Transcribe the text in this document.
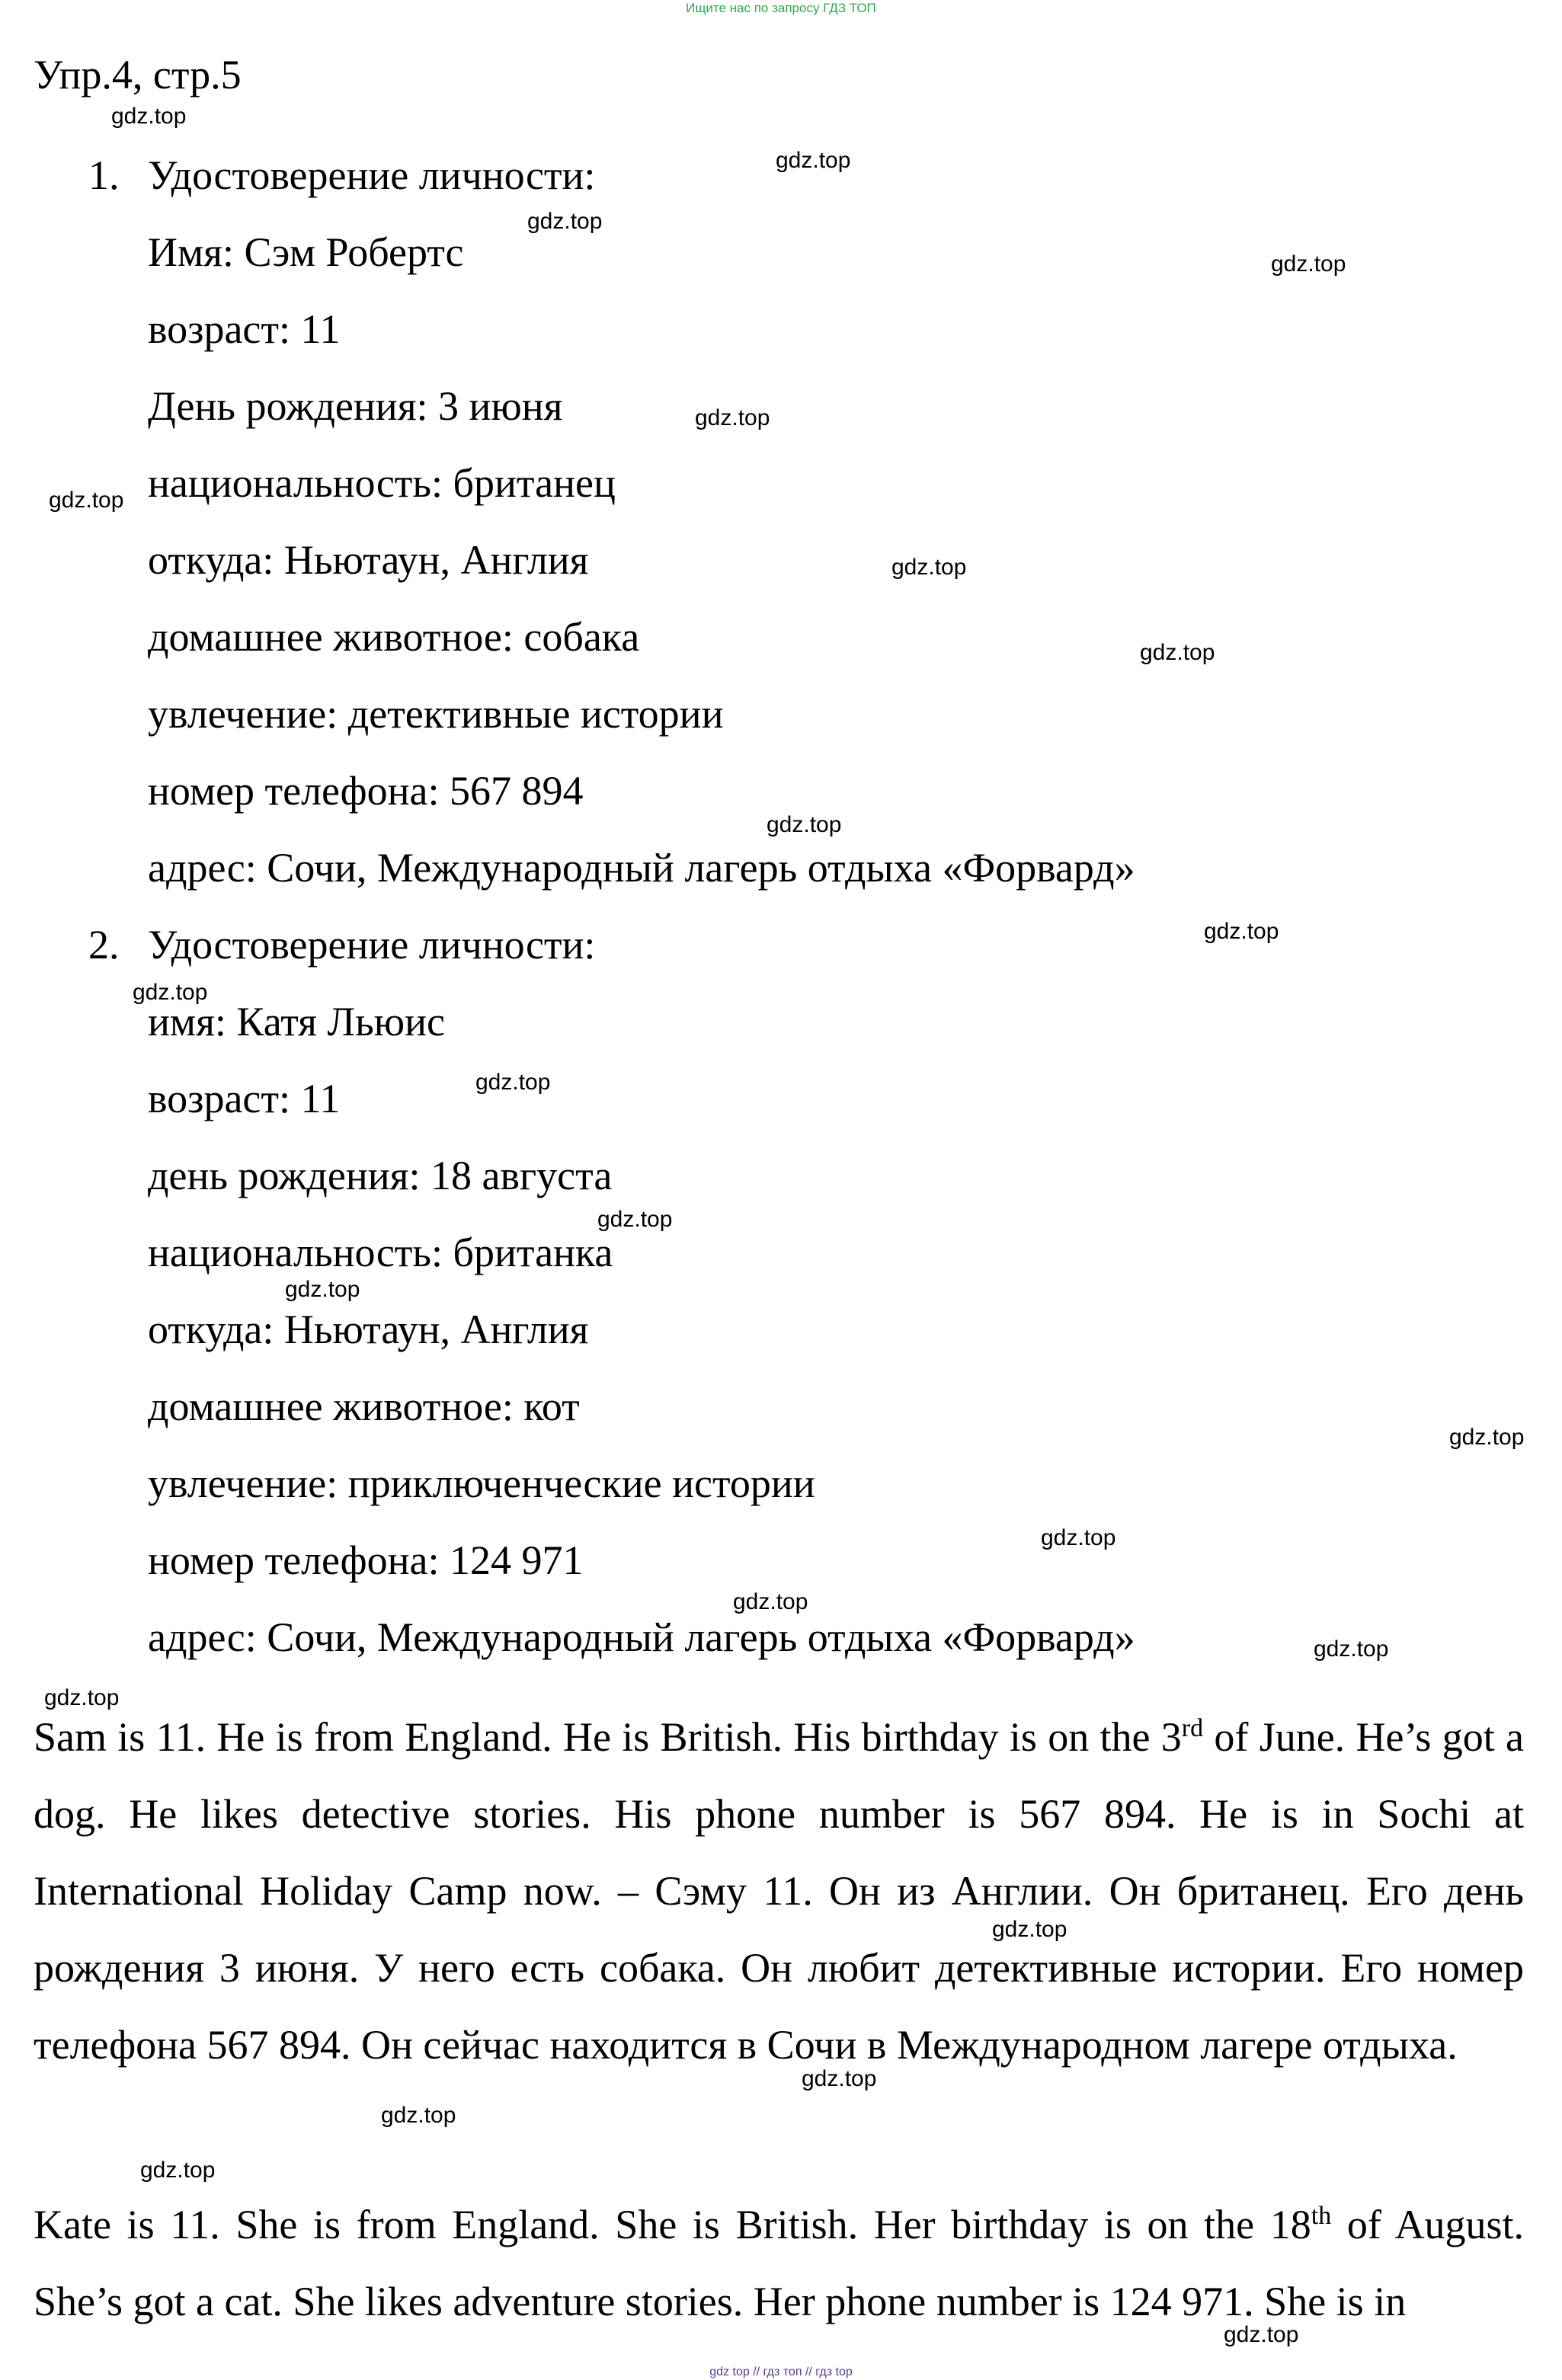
Ищите нас по запросу ГДЗ ТОП
Упр.4, стр.5
1. Удостоверение личности:
Имя: Сэм Робертс
возраст: 11
День рождения: 3 июня
национальность: британец
откуда: Ньютаун, Англия
домашнее животное: собака
увлечение: детективные истории
номер телефона: 567 894
адрес: Сочи, Международный лагерь отдыха «Форвард»
2. Удостоверение личности:
имя: Катя Льюис
возраст: 11
день рождения: 18 августа
национальность: британка
откуда: Ньютаун, Англия
домашнее животное: кот
увлечение: приключенческие истории
номер телефона: 124 971
адрес: Сочи, Международный лагерь отдыха «Форвард»
Sam is 11. He is from England. He is British. His birthday is on the 3rd of June. He’s got a dog. He likes detective stories. His phone number is 567 894. He is in Sochi at International Holiday Camp now. – Сэму 11. Он из Англии. Он британец. Его день рождения 3 июня. У него есть собака. Он любит детективные истории. Его номер телефона 567 894. Он сейчас находится в Сочи в Международном лагере отдыха.
Kate is 11. She is from England. She is British. Her birthday is on the 18th of August. She’s got a cat. She likes adventure stories. Her phone number is 124 971. She is in
gdz.top
gdz.top
gdz.top
gdz.top
gdz.top
gdz.top
gdz.top
gdz.top
gdz.top
gdz.top
gdz.top
gdz.top
gdz.top
gdz.top
gdz.top
gdz.top
gdz.top
gdz.top
gdz.top
gdz.top
gdz.top
gdz.top
gdz.top
gdz.top
gdz top // гдз топ // гдз top
